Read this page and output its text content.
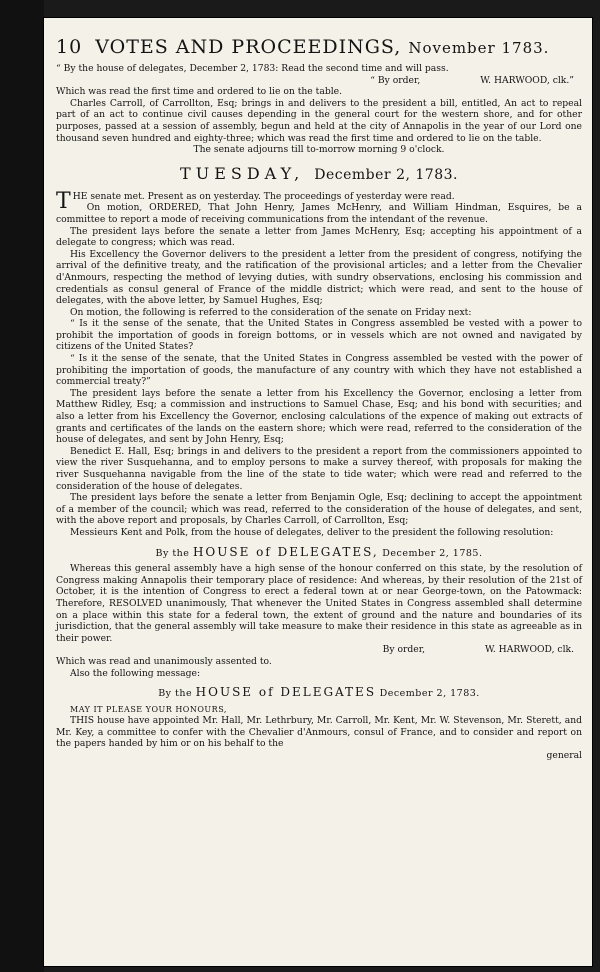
10 VOTES AND PROCEEDINGS, November 1783.

“ By the house of delegates, December 2, 1783: Read the second time and will pass.

“ By order,	W. HARWOOD, clk.”

Which was read the first time and ordered to lie on the table.

Charles Carroll, of Carrollton, Esq; brings in and delivers to the president a bill, entitled, An act to repeal part of an act to continue civil causes depending in the general court for the western shore, and for other purposes, passed at a session of assembly, begun and held at the city of Annapolis in the year of our Lord one thousand seven hundred and eighty-three; which was read the first time and ordered to lie on the table.

The senate adjourns till to-morrow morning 9 o'clock.

TUESDAY, December 2, 1783.

THE senate met. Present as on yesterday. The proceedings of yesterday were read.

On motion, ORDERED, That John Henry, James McHenry, and William Hindman, Esquires, be a committee to report a mode of receiving communications from the intendant of the revenue.

The president lays before the senate a letter from James McHenry, Esq; accepting his appointment of a delegate to congress; which was read.

His Excellency the Governor delivers to the president a letter from the president of congress, notifying the arrival of the definitive treaty, and the ratification of the provisional articles; and a letter from the Chevalier d'Anmours, respecting the method of levying duties, with sundry observations, enclosing his commission and credentials as consul general of France of the middle district; which were read, and sent to the house of delegates, with the above letter, by Samuel Hughes, Esq;

On motion, the following is referred to the consideration of the senate on Friday next:

“ Is it the sense of the senate, that the United States in Congress assembled be vested with a power to prohibit the importation of goods in foreign bottoms, or in vessels which are not owned and navigated by citizens of the United States?

“ Is it the sense of the senate, that the United States in Congress assembled be vested with the power of prohibiting the importation of goods, the manufacture of any country with which they have not established a commercial treaty?”

The president lays before the senate a letter from his Excellency the Governor, enclosing a letter from Matthew Ridley, Esq; a commission and instructions to Samuel Chase, Esq; and his bond with securities; and also a letter from his Excellency the Governor, enclosing calculations of the expence of making out extracts of grants and certificates of the lands on the eastern shore; which were read, referred to the consideration of the house of delegates, and sent by John Henry, Esq;

Benedict E. Hall, Esq; brings in and delivers to the president a report from the commissioners appointed to view the river Susquehanna, and to employ persons to make a survey thereof, with proposals for making the river Susquehanna navigable from the line of the state to tide water; which were read and referred to the consideration of the house of delegates.

The president lays before the senate a letter from Benjamin Ogle, Esq; declining to accept the appointment of a member of the council; which was read, referred to the consideration of the house of delegates, and sent, with the above report and proposals, by Charles Carroll, of Carrollton, Esq;

Messieurs Kent and Polk, from the house of delegates, deliver to the president the following resolution:

By the HOUSE of DELEGATES, December 2, 1785.

Whereas this general assembly have a high sense of the honour conferred on this state, by the resolution of Congress making Annapolis their temporary place of residence: And whereas, by their resolution of the 21st of October, it is the intention of Congress to erect a federal town at or near George-town, on the Patowmack: Therefore, RESOLVED unanimously, That whenever the United States in Congress assembled shall determine on a place within this state for a federal town, the extent of ground and the nature and boundaries of its jurisdiction, that the general assembly will take measure to make their residence in this state as agreeable as in their power.

By order,	W. HARWOOD, clk.

Which was read and unanimously assented to.

Also the following message:

By the HOUSE of DELEGATES December 2, 1783.

MAY IT PLEASE YOUR HONOURS,

THIS house have appointed Mr. Hall, Mr. Lethrbury, Mr. Carroll, Mr. Kent, Mr. W. Stevenson, Mr. Sterett, and Mr. Key, a committee to confer with the Chevalier d'Anmours, consul of France, and to consider and report on the papers handed by him or on his behalf to the

general
